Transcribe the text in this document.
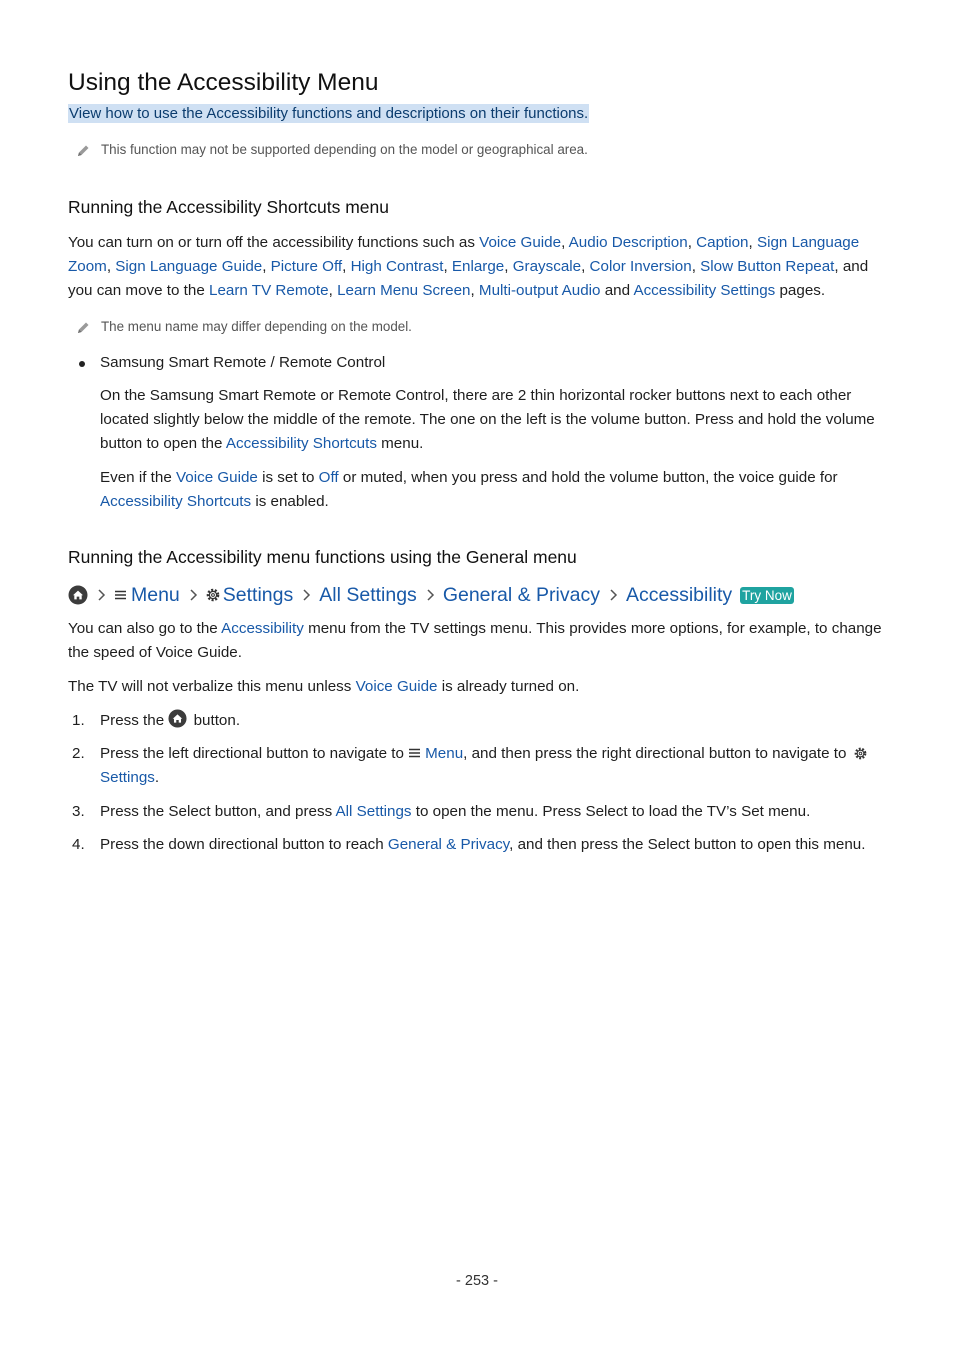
Using the Accessibility Menu
View how to use the Accessibility functions and descriptions on their functions.
This function may not be supported depending on the model or geographical area.
Running the Accessibility Shortcuts menu

You can turn on or turn off the accessibility functions such as Voice Guide, Audio Description, Caption, Sign Language Zoom, Sign Language Guide, Picture Off, High Contrast, Enlarge, Grayscale, Color Inversion, Slow Button Repeat, and you can move to the Learn TV Remote, Learn Menu Screen, Multi-output Audio and Accessibility Settings pages.

The menu name may differ depending on the model.
Samsung Smart Remote / Remote Control

On the Samsung Smart Remote or Remote Control, there are 2 thin horizontal rocker buttons next to each other located slightly below the middle of the remote. The one on the left is the volume button. Press and hold the volume button to open the Accessibility Shortcuts menu.

Even if the Voice Guide is set to Off or muted, when you press and hold the volume button, the voice guide for Accessibility Shortcuts is enabled.

Running the Accessibility menu functions using the General menu
Menu Settings All Settings General & Privacy Accessibility Try Now

You can also go to the Accessibility menu from the TV settings menu. This provides more options, for example, to change the speed of Voice Guide.

The TV will not verbalize this menu unless Voice Guide is already turned on.

1. Press the  button.
2. Press the left directional button to navigate to Menu, and then press the right directional button to navigate to Settings.
3. Press the Select button, and press All Settings to open the menu. Press Select to load the TV’s Set menu.
4. Press the down directional button to reach General & Privacy, and then press the Select button to open this menu.
- 253 -
